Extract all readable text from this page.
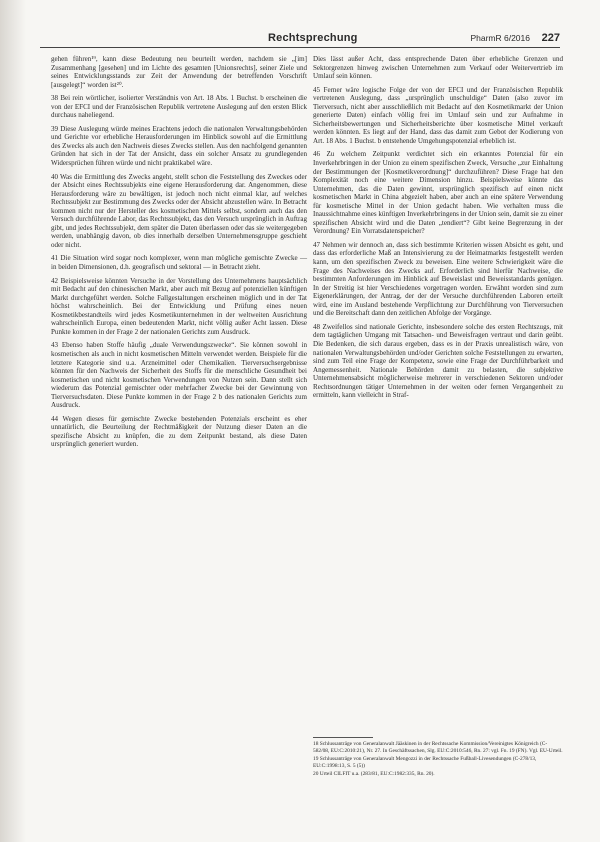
Rechtsprechung	PharmR 6/2016 227

gehen führen¹⁹, kann diese Bedeutung neu beurteilt werden, nachdem sie „[im] Zusammenhang [gesehen] und im Lichte des gesamten [Unionsrechts], seiner Ziele und seines Entwicklungsstands zur Zeit der Anwendung der betreffenden Vorschrift [ausgelegt]“ worden ist²⁰.

38 Bei rein wörtlicher, isolierter Verständnis von Art. 18 Abs. 1 Buchst. b erscheinen die von der EFCI und der Französischen Republik vertretene Auslegung auf den ersten Blick durchaus naheliegend.

39 Diese Auslegung würde meines Erachtens jedoch die nationalen Verwaltungsbehörden und Gerichte vor erhebliche Herausforderungen im Hinblick sowohl auf die Ermittlung des Zwecks als auch den Nachweis dieses Zwecks stellen. Aus den nachfolgend genannten Gründen hat sich in der Tat der Ansicht, dass ein solcher Ansatz zu grundlegenden Widersprüchen führen würde und nicht praktikabel wäre.

40 Was die Ermittlung des Zwecks angeht, stellt schon die Feststellung des Zweckes oder der Absicht eines Rechtssubjekts eine eigene Herausforderung dar. Angenommen, diese Herausforderung wäre zu bewältigen, ist jedoch noch nicht einmal klar, auf welches Rechtssubjekt zur Bestimmung des Zwecks oder der Absicht abzustellen wäre. In Betracht kommen nicht nur der Hersteller des kosmetischen Mittels selbst, sondern auch das den Versuch durchführende Labor, das Rechtssubjekt, das den Versuch ursprünglich in Auftrag gibt, und jedes Rechtssubjekt, dem später die Daten überlassen oder das sie weitergegeben werden, unabhängig davon, ob dies innerhalb derselben Unternehmensgruppe geschieht oder nicht.

41 Die Situation wird sogar noch komplexer, wenn man mögliche gemischte Zwecke — in beiden Dimensionen, d.h. geografisch und sektoral — in Betracht zieht.

42 Beispielsweise könnten Versuche in der Vorstellung des Unternehmens hauptsächlich mit Bedacht auf den chinesischen Markt, aber auch mit Bezug auf potenziellen künftigen Markt durchgeführt werden. Solche Fallgestaltungen erscheinen möglich und in der Tat höchst wahrscheinlich. Bei der Entwicklung und Prüfung eines neuen Kosmetikbestandteils wird jedes Kosmetikunternehmen in der weltweiten Ausrichtung wahrscheinlich Europa, einen bedeutenden Markt, nicht völlig außer Acht lassen. Diese Punkte kommen in der Frage 2 der nationalen Gerichts zum Ausdruck.

43 Ebenso haben Stoffe häufig „duale Verwendungszwecke“. Sie können sowohl in kosmetischen als auch in nicht kosmetischen Mitteln verwendet werden. Beispiele für die letztere Kategorie sind u.a. Arzneimittel oder Chemikalien. Tierversuchsergebnisse könnten für den Nachweis der Sicherheit des Stoffs für die menschliche Gesundheit bei kosmetischen und nicht kosmetischen Verwendungen von Nutzen sein. Dann stellt sich wiederum das Potenzial gemischter oder mehrfacher Zwecke bei der Gewinnung von Tierversuchsdaten. Diese Punkte kommen in der Frage 2 b des nationalen Gerichts zum Ausdruck.

44 Wegen dieses für gemischte Zwecke bestehenden Potenzials erscheint es eher unnatürlich, die Beurteilung der Rechtmäßigkeit der Nutzung dieser Daten an die spezifische Absicht zu knüpfen, die zu dem Zeitpunkt bestand, als diese Daten ursprünglich generiert wurden.

Dies lässt außer Acht, dass entsprechende Daten über erhebliche Grenzen und Sektorgrenzen hinweg zwischen Unternehmen zum Verkauf oder Weitervertrieb im Umlauf sein können.

45 Ferner wäre logische Folge der von der EFCI und der Französischen Republik vertretenen Auslegung, dass „ursprünglich unschuldige“ Daten (also zuvor im Tierversuch, nicht aber ausschließlich mit Bedacht auf den Kosmetikmarkt der Union generierte Daten) einfach völlig frei im Umlauf sein und zur Aufnahme in Sicherheitsbewertungen und Sicherheitsberichte über kosmetische Mittel verkauft werden könnten. Es liegt auf der Hand, dass das damit zum Gebot der Kodierung von Art. 18 Abs. 1 Buchst. b entstehende Umgehungspotenzial erheblich ist.

46 Zu welchem Zeitpunkt verdichtet sich ein erkanntes Potenzial für ein Inverkehrbringen in der Union zu einem spezifischen Zweck, Versuche „zur Einhaltung der Bestimmungen der [Kosmetikverordnung]“ durchzuführen? Diese Frage hat den Komplexität noch eine weitere Dimension hinzu. Beispielsweise könnte das Unternehmen, das die Daten gewinnt, ursprünglich spezifisch auf einen nicht kosmetischen Markt in China abgezielt haben, aber auch an eine spätere Verwendung für kosmetische Mittel in der Union gedacht haben. Wie verhalten muss die Inaussichtnahme eines künftigen Inverkehrbringens in der Union sein, damit sie zu einer spezifischen Absicht wird und die Daten „tendiert“? Gibt keine Begrenzung in der Verordnung? Ein Vorratsdatenspeicher?

47 Nehmen wir dennoch an, dass sich bestimmte Kriterien wissen Absicht es geht, und dass das erforderliche Maß an Intensivierung zu der Heimatmarkts festgestellt werden kann, um den spezifischen Zweck zu beweisen. Eine weitere Schwierigkeit wäre die Frage des Nachweises des Zwecks auf. Erforderlich sind hierfür Nachweise, die bestimmten Anforderungen im Hinblick auf Beweislast und Beweisstandards genügen. In der Streitig ist hier Verschiedenes vorgetragen worden. Erwähnt worden sind zum Eigenerklärungen, der Antrag, der der der Versuche durchführenden Laboren erteilt wird, eine im Ausland bestehende Verpflichtung zur Durchführung von Tierversuchen und die Bereitschaft dann den zeitlichen Abfolge der Vorgänge.

48 Zweifellos sind nationale Gerichte, insbesondere solche des ersten Rechtszugs, mit dem tagtäglichen Umgang mit Tatsachen- und Beweisfragen vertraut und darin geübt. Die Bedenken, die sich daraus ergeben, dass es in der Praxis unrealistisch wäre, von nationalen Verwaltungsbehörden und/oder Gerichten solche Feststellungen zu erwarten, sind zum Teil eine Frage der Kompetenz, sowie eine Frage der Durchführbarkeit und Angemessenheit. Nationale Behörden damit zu belasten, die subjektive Unternehmensabsicht möglicherweise mehrerer in verschiedenen Sektoren und/oder Rechtsordnungen tätiger Unternehmen in der weiten oder fernen Vergangenheit zu ermitteln, kann vielleicht in Straf-

18 Schlussanträge von Generalanwalt Jääskinen in der Rechtssache Kommission/Vereinigtes Königreich (C-582/08, EU:C:2010:21), Nr. 27. In Geschäftssachen, Slg. EU:C:2010:546, Rn. 27: vgl. Fn. 19 (FN). Vgl. EU-Urteil.

19 Schlussanträge von Generalanwalt Mengozzi in der Rechtssache Fußball-Livesendungen (C-278/13, EU:C:1998:13, S. 5 (5))

20 Urteil CILFIT u.a. (283/81, EU:C:1982:335, Rn. 20).
